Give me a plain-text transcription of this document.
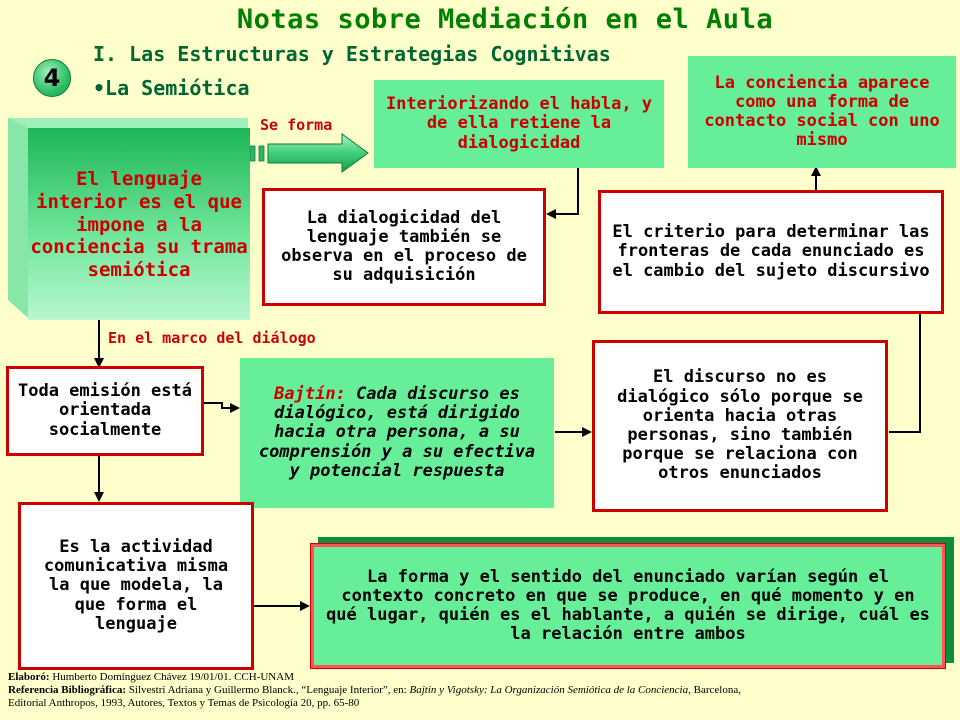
Notas sobre Mediación en el Aula
I. Las Estructuras y Estrategias Cognitivas
•La Semiótica
4
El lenguaje interior es el que impone a la conciencia su trama semiótica
Se forma
Interiorizando el habla, y de ella retiene la dialogicidad
La conciencia aparece como una forma de contacto social con uno mismo
La dialogicidad del lenguaje también se observa en el proceso de su adquisición
El criterio para determinar las fronteras de cada enunciado es el cambio del sujeto discursivo
En el marco del diálogo
Toda emisión está orientada socialmente
Bajtín: Cada discurso es dialógico, está dirigido hacia otra persona, a su comprensión y a su efectiva y potencial respuesta
El discurso no es dialógico sólo porque se orienta hacia otras personas, sino también porque se relaciona con otros enunciados
Es la actividad comunicativa misma la que modela, la que forma el lenguaje
La forma y el sentido del enunciado varían según el contexto concreto en que se produce, en qué momento y en qué lugar, quién es el hablante, a quién se dirige, cuál es la relación entre ambos
Elaboró: Humberto Domínguez Chávez 19/01/01. CCH-UNAM
Referencia Bibliográfica: Silvestri Adriana y Guillermo Blanck., “Lenguaje Interior”, en: Bajtin y Vigotsky: La Organización Semiótica de la Conciencia, Barcelona,
Editorial Anthropos, 1993, Autores, Textos y Temas de Psicología 20, pp. 65-80
